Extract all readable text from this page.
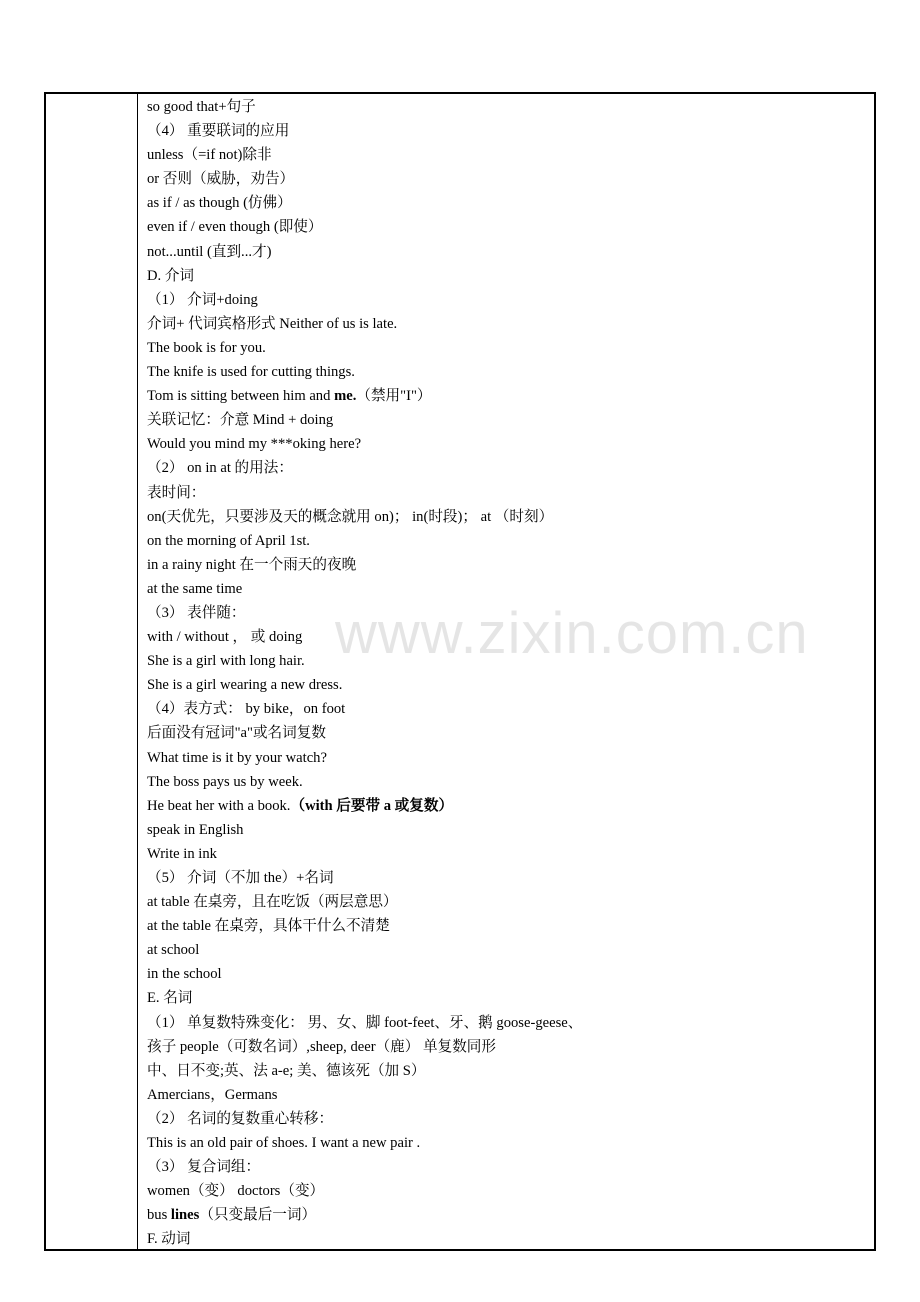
so good that+句子
（4） 重要联词的应用
unless（=if not)除非
or 否则（威胁，劝告）
as if / as though (仿佛）
even if / even though (即使）
not...until (直到...才)
D. 介词
（1） 介词+doing
介词+ 代词宾格形式 Neither of us is late.
The book is for you.
The knife is used for cutting things.
Tom is sitting between him and me.（禁用"I"）
关联记忆：介意 Mind + doing
Would you mind my ***oking here?
（2） on in at 的用法：
表时间：
on(天优先，只要涉及天的概念就用 on)； in(时段)； at （时刻）
on the morning of April 1st.
in a rainy night 在一个雨天的夜晚
at the same time
（3） 表伴随：
with / without ， 或 doing
She is a girl with long hair.
She is a girl wearing a new dress.
（4）表方式： by bike，on foot
后面没有冠词"a"或名词复数
What time is it by your watch?
The boss pays us by week.
He beat her with a book.（with 后要带 a 或复数）
speak in English
Write in ink
（5） 介词（不加 the）+名词
at table 在桌旁，且在吃饭（两层意思）
at the table 在桌旁，具体干什么不清楚
at school
in the school
E. 名词
（1） 单复数特殊变化： 男、女、脚 foot-feet、牙、鹅 goose-geese、
孩子 people（可数名词）,sheep, deer（鹿） 单复数同形
中、日不变;英、法 a-e; 美、德该死（加 S）
Amercians，Germans
（2） 名词的复数重心转移：
This is an old pair of shoes. I want a new pair .
（3） 复合词组：
women（变） doctors（变）
bus lines（只变最后一词）
F. 动词
www.zixin.com.cn
